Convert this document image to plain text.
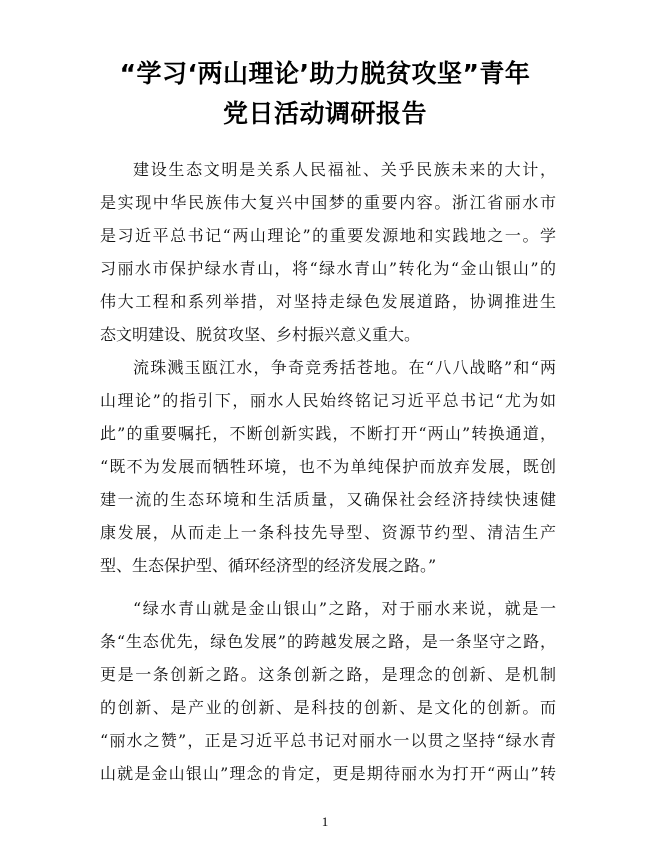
“学习‘两山理论’助力脱贫攻坚”青年
党日活动调研报告
建设生态文明是关系人民福祉、关乎民族未来的大计，
是实现中华民族伟大复兴中国梦的重要内容。浙江省丽水市
是习近平总书记“两山理论”的重要发源地和实践地之一。学
习丽水市保护绿水青山，将“绿水青山”转化为“金山银山”的
伟大工程和系列举措，对坚持走绿色发展道路，协调推进生
态文明建设、脱贫攻坚、乡村振兴意义重大。
流珠溅玉瓯江水，争奇竞秀括苍地。在“八八战略”和“两
山理论”的指引下，丽水人民始终铭记习近平总书记“尤为如
此”的重要嘱托，不断创新实践，不断打开“两山”转换通道，
“既不为发展而牺牲环境，也不为单纯保护而放弃发展，既创
建一流的生态环境和生活质量，又确保社会经济持续快速健
康发展，从而走上一条科技先导型、资源节约型、清洁生产
型、生态保护型、循环经济型的经济发展之路。”
“绿水青山就是金山银山”之路，对于丽水来说，就是一
条“生态优先，绿色发展”的跨越发展之路，是一条坚守之路，
更是一条创新之路。这条创新之路，是理念的创新、是机制
的创新、是产业的创新、是科技的创新、是文化的创新。而
“丽水之赞”，正是习近平总书记对丽水一以贯之坚持“绿水青
山就是金山银山”理念的肯定，更是期待丽水为打开“两山”转
1
